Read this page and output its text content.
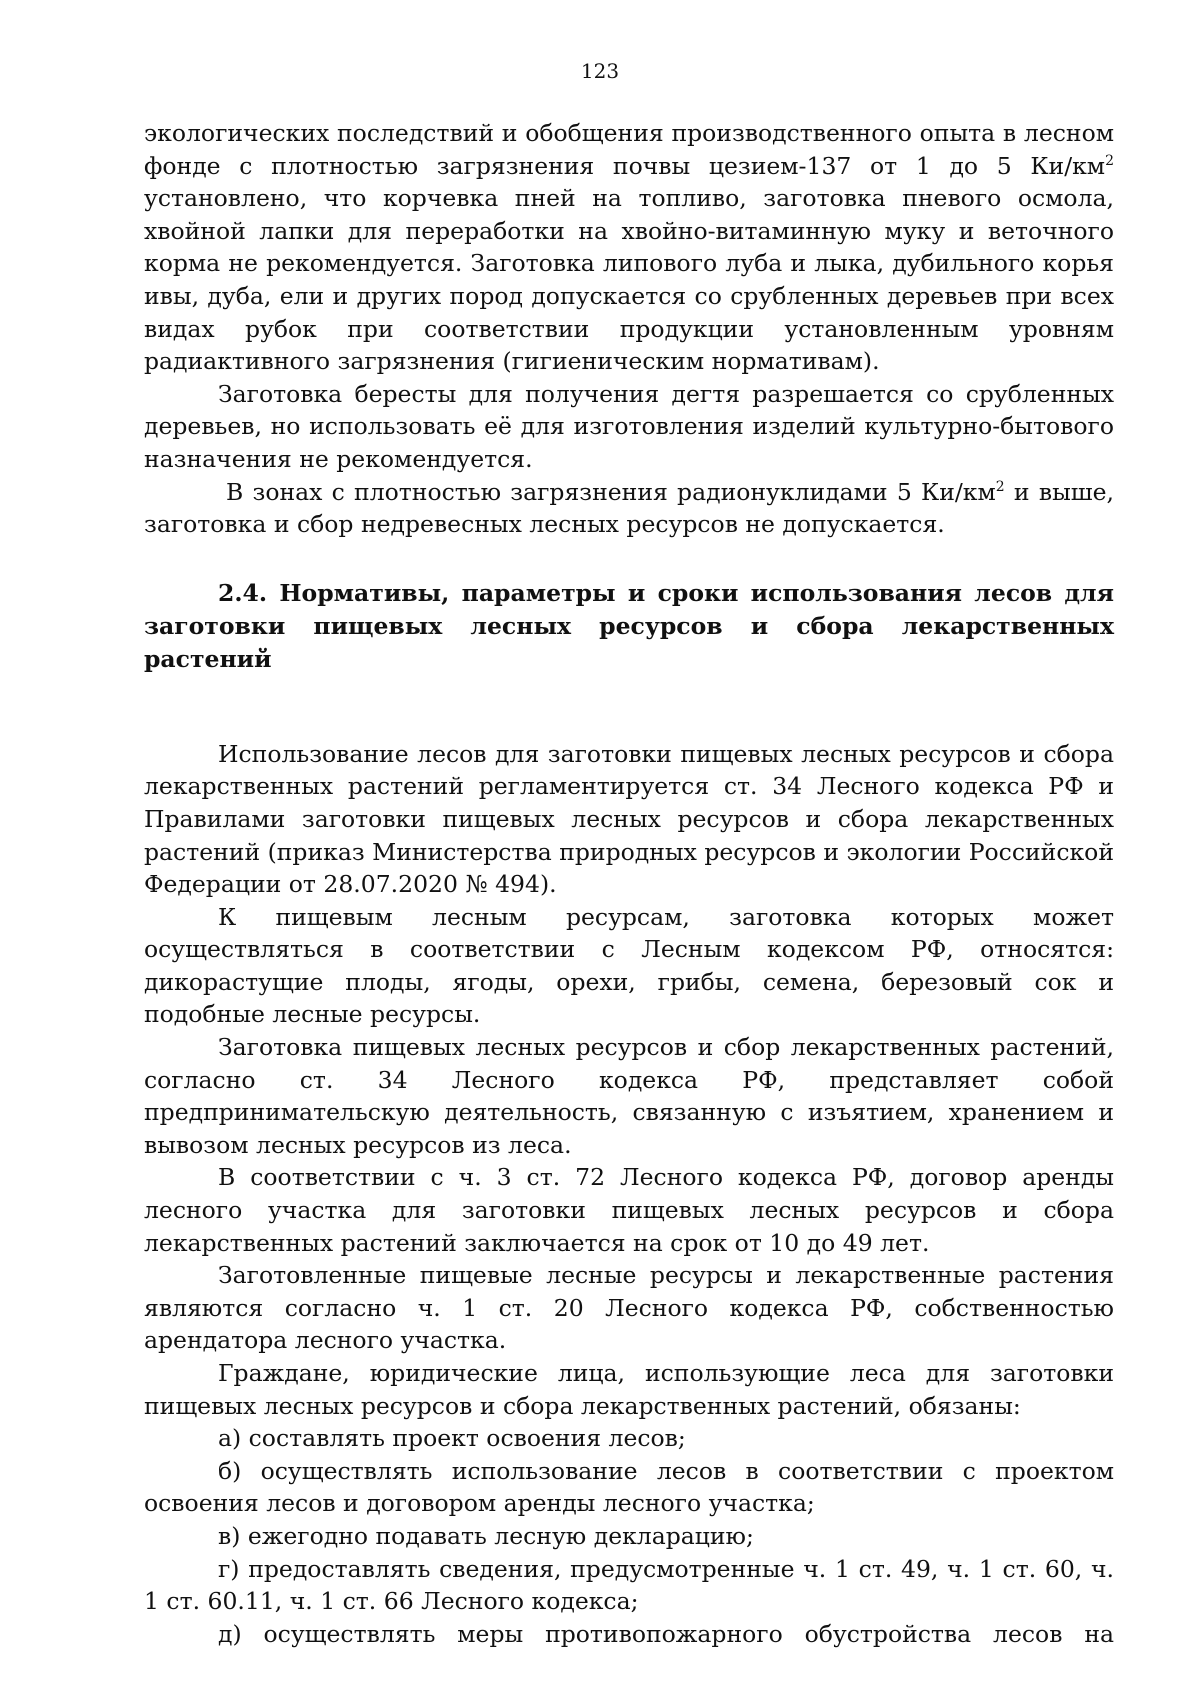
123

экологических последствий и обобщения производственного опыта в лесном фонде с плотностью загрязнения почвы цезием-137 от 1 до 5 $Ки/км^2$ установлено, что корчевка пней на топливо, заготовка пневого осмола, хвойной лапки для переработки на хвойно-витаминную муку и веточного корма не рекомендуется. Заготовка липового луба и лыка, дубильного корья ивы, дуба, ели и других пород допускается со срубленных деревьев при всех видах рубок при соответствии продукции установленным уровням радиактивного загрязнения (гигиеническим нормативам).

Заготовка бересты для получения дегтя разрешается со срубленных деревьев, но использовать её для изготовления изделий культурно-бытового назначения не рекомендуется.

В зонах с плотностью загрязнения радионуклидами 5 $Ки/км^2$ и выше, заготовка и сбор недревесных лесных ресурсов не допускается.

2.4. Нормативы, параметры и сроки использования лесов для заготовки пищевых лесных ресурсов и сбора лекарственных растений

Использование лесов для заготовки пищевых лесных ресурсов и сбора лекарственных растений регламентируется ст. 34 Лесного кодекса РФ и Правилами заготовки пищевых лесных ресурсов и сбора лекарственных растений (приказ Министерства природных ресурсов и экологии Российской Федерации от 28.07.2020 № 494).

К пищевым лесным ресурсам, заготовка которых может осуществляться в соответствии с Лесным кодексом РФ, относятся: дикорастущие плоды, ягоды, орехи, грибы, семена, березовый сок и подобные лесные ресурсы.

Заготовка пищевых лесных ресурсов и сбор лекарственных растений, согласно ст. 34 Лесного кодекса РФ, представляет собой предпринимательскую деятельность, связанную с изъятием, хранением и вывозом лесных ресурсов из леса.

В соответствии с ч. 3 ст. 72 Лесного кодекса РФ, договор аренды лесного участка для заготовки пищевых лесных ресурсов и сбора лекарственных растений заключается на срок от 10 до 49 лет.

Заготовленные пищевые лесные ресурсы и лекарственные растения являются согласно ч. 1 ст. 20 Лесного кодекса РФ, собственностью арендатора лесного участка.

Граждане, юридические лица, использующие леса для заготовки пищевых лесных ресурсов и сбора лекарственных растений, обязаны:

а) составлять проект освоения лесов;

б) осуществлять использование лесов в соответствии с проектом освоения лесов и договором аренды лесного участка;

в) ежегодно подавать лесную декларацию;

г) предоставлять сведения, предусмотренные ч. 1 ст. 49, ч. 1 ст. 60, ч. 1 ст. 60.11, ч. 1 ст. 66 Лесного кодекса;

д) осуществлять меры противопожарного обустройства лесов на
